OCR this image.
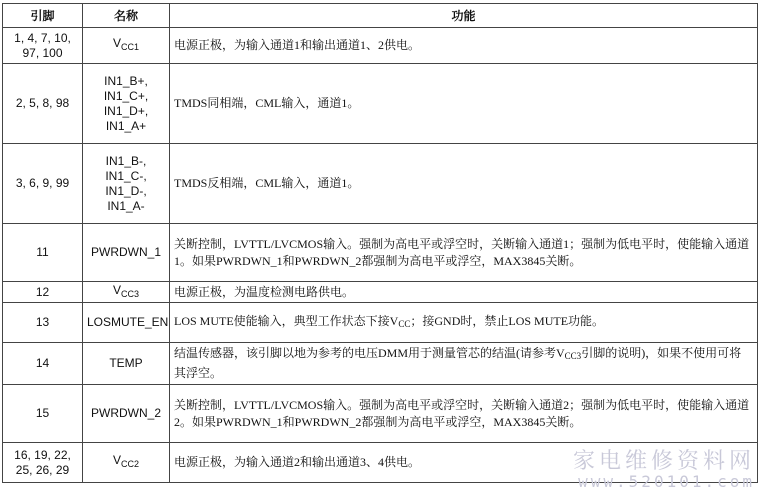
引脚	名称	功能
1, 4, 7, 10, 97, 100	$V_{CC1}$	电源正极，为输入通道1和输出通道1、2供电。
2, 5, 8, 98	IN1_B+,
IN1_C+,
IN1_D+,
IN1_A+	TMDS同相端，CML输入，通道1。
3, 6, 9, 99	IN1_B-,
IN1_C-,
IN1_D-,
IN1_A-	TMDS反相端，CML输入，通道1。
11	PWRDWN_1	关断控制，LVTTL/LVCMOS输入。强制为高电平或浮空时，关断输入通道1；强制为低电平时，使能输入通道1。如果PWRDWN_1和PWRDWN_2都强制为高电平或浮空，MAX3845关断。
12	$V_{CC3}$	电源正极，为温度检测电路供电。
13	LOSMUTE_EN	LOS MUTE使能输入，典型工作状态下接$V_{CC}$；接GND时，禁止LOS MUTE功能。
14	TEMP	结温传感器，该引脚以地为参考的电压DMM用于测量管芯的结温(请参考$V_{CC3}$引脚的说明)，如果不使用可将其浮空。
15	PWRDWN_2	关断控制，LVTTL/LVCMOS输入。强制为高电平或浮空时，关断输入通道2；强制为低电平时，使能输入通道2。如果PWRDWN_1和PWRDWN_2都强制为高电平或浮空，MAX3845关断。
16, 19, 22, 25, 26, 29	$V_{CC2}$	电源正极，为输入通道2和输出通道3、4供电。	家电维修资料网
www.520101.com
